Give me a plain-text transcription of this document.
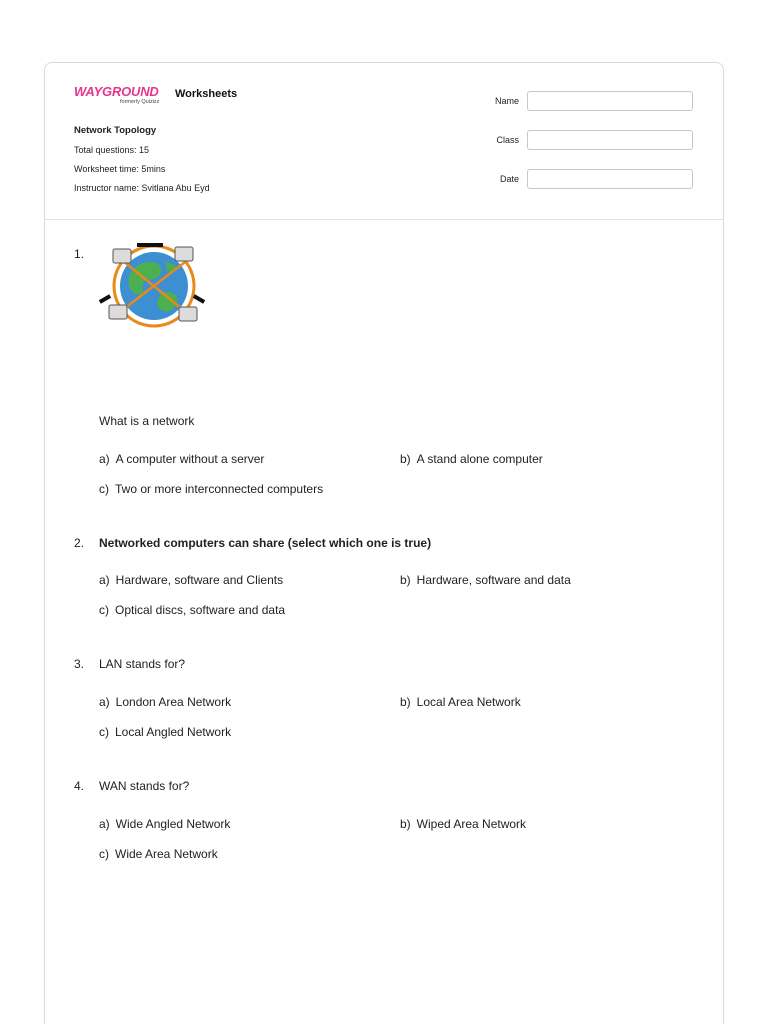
WAYGROUND
formerly Quizizz
Worksheets
Network Topology
Total questions: 15
Worksheet time: 5mins
Instructor name: Svitlana Abu Eyd
Name
Class
Date
1.
What is a network
a) A computer without a server	b) A stand alone computer
c) Two or more interconnected computers
2. Networked computers can share (select which one is true)
a) Hardware, software and Clients	b) Hardware, software and data
c) Optical discs, software and data
3. LAN stands for?
a) London Area Network	b) Local Area Network
c) Local Angled Network
4. WAN stands for?
a) Wide Angled Network	b) Wiped Area Network
c) Wide Area Network
